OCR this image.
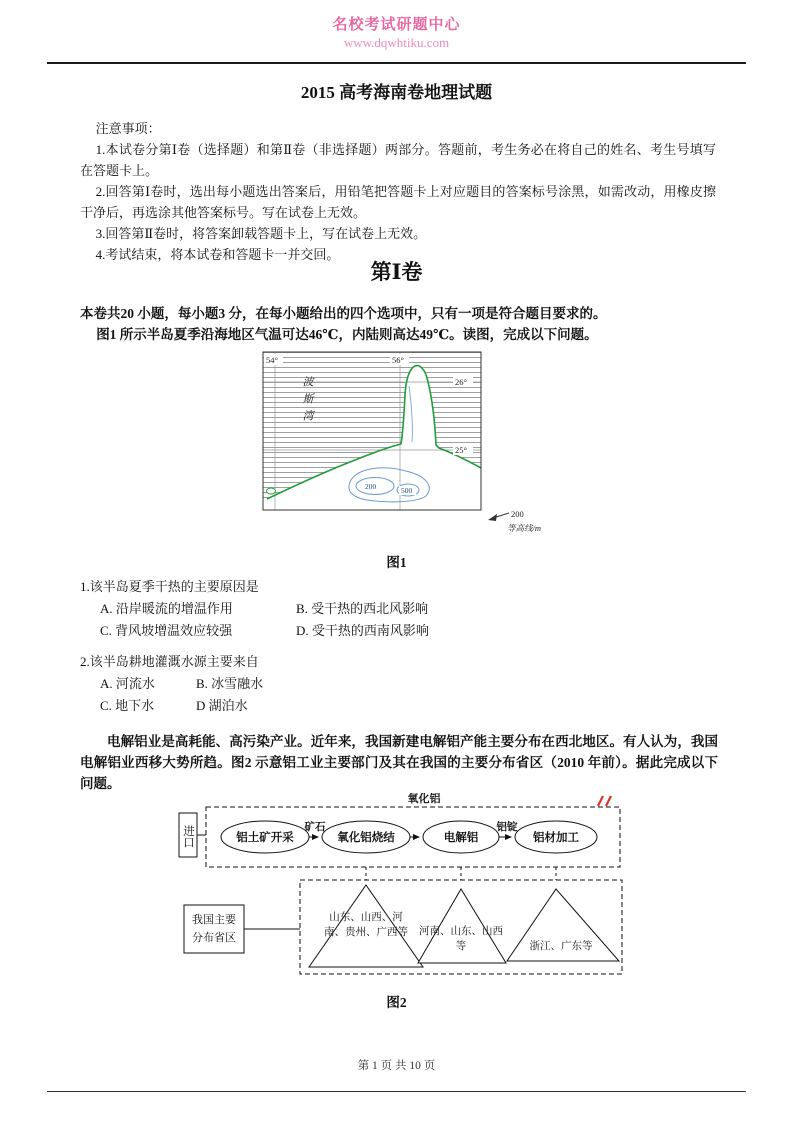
名校考试研题中心
www.dqwhtiku.com
2015 高考海南卷地理试题

注意事项：

1.本试卷分第Ⅰ卷（选择题）和第Ⅱ卷（非选择题）两部分。答题前，考生务必在将自己的姓名、考生号填写在答题卡上。

2.回答第Ⅰ卷时，选出每小题选出答案后，用铅笔把答题卡上对应题目的答案标号涂黑，如需改动，用橡皮擦干净后，再选涂其他答案标号。写在试卷上无效。

3.回答第Ⅱ卷时，将答案卸载答题卡上，写在试卷上无效。

4.考试结束，将本试卷和答题卡一并交回。

第Ⅰ卷

本卷共20 小题，每小题3 分，在每小题给出的四个选项中，只有一项是符合题目要求的。

图1 所示半岛夏季沿海地区气温可达46℃，内陆则高达49℃。读图，完成以下问题。

54°	56°
26°
25°
200	500
200
等高线/m
波斯湾

图1

1.该半岛夏季干热的主要原因是

A. 沿岸暖流的增温作用	B. 受干热的西北风影响
C. 背风坡增温效应较强	D. 受干热的西南风影响

2.该半岛耕地灌溉水源主要来自

A. 河流水	B. 冰雪融水
C. 地下水	D 湖泊水

电解铝业是高耗能、高污染产业。近年来，我国新建电解铝产能主要分布在西北地区。有人认为，我国电解铝业西移大势所趋。图2 示意铝工业主要部门及其在我国的主要分布省区（2010 年前）。据此完成以下问题。

铝土矿开采	氧化铝烧结	电解铝	铝材加工
矿石
氧化铝
铝锭
进口
我国主要分布省区
山东、山西、河南、贵州、广西等 河南、山东、山西等	浙江、广东等

图2

第 1 页 共 10 页
